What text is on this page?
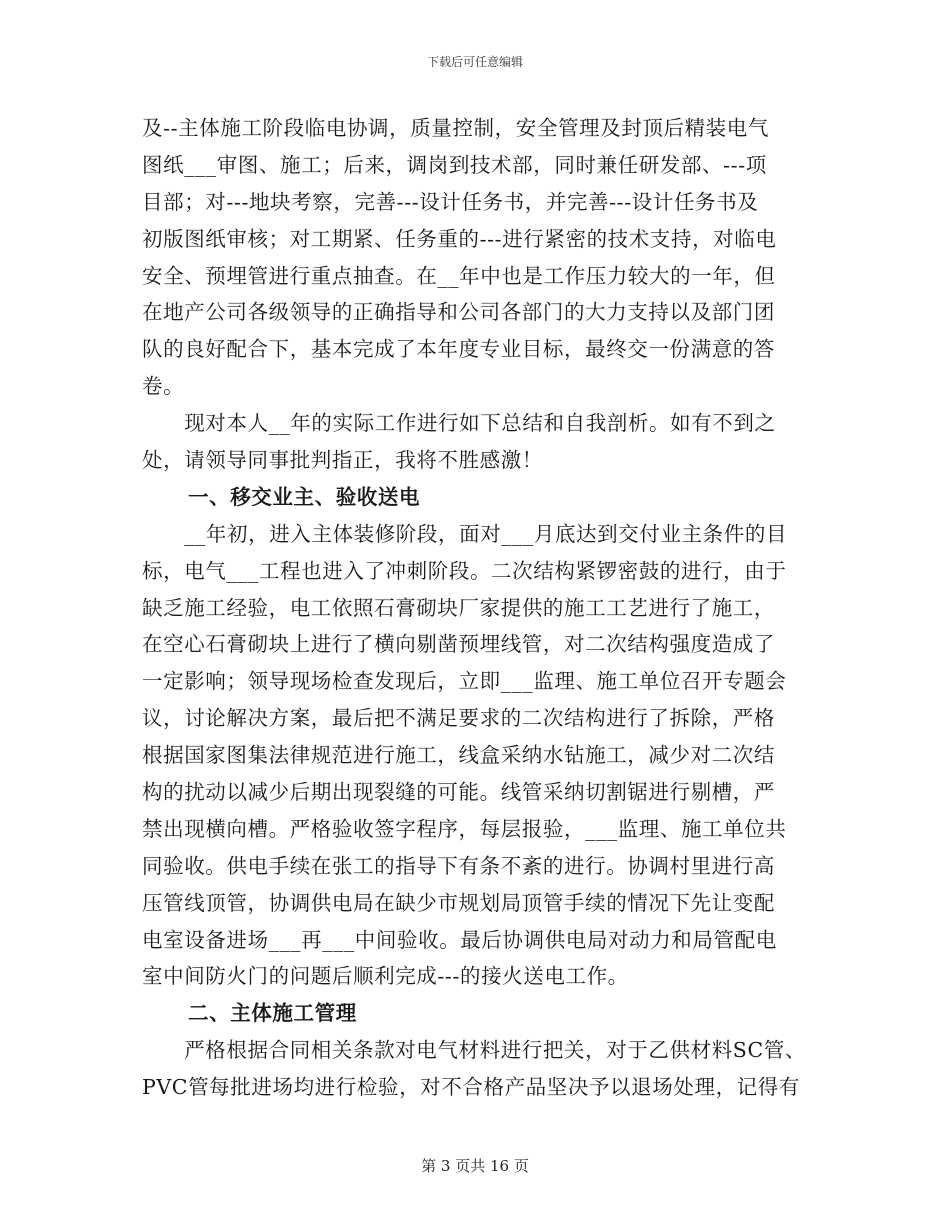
下载后可任意编辑
及--主体施工阶段临电协调，质量控制，安全管理及封顶后精装电气
图纸___审图、施工；后来，调岗到技术部，同时兼任研发部、---项
目部；对---地块考察，完善---设计任务书，并完善---设计任务书及
初版图纸审核；对工期紧、任务重的---进行紧密的技术支持，对临电
安全、预埋管进行重点抽查。在__年中也是工作压力较大的一年，但
在地产公司各级领导的正确指导和公司各部门的大力支持以及部门团
队的良好配合下，基本完成了本年度专业目标，最终交一份满意的答
卷。
　　现对本人__年的实际工作进行如下总结和自我剖析。如有不到之
处，请领导同事批判指正，我将不胜感激！
一、移交业主、验收送电
　　__年初，进入主体装修阶段，面对___月底达到交付业主条件的目
标，电气___工程也进入了冲刺阶段。二次结构紧锣密鼓的进行，由于
缺乏施工经验，电工依照石膏砌块厂家提供的施工工艺进行了施工，
在空心石膏砌块上进行了横向剔凿预埋线管，对二次结构强度造成了
一定影响；领导现场检查发现后，立即___监理、施工单位召开专题会
议，讨论解决方案，最后把不满足要求的二次结构进行了拆除，严格
根据国家图集法律规范进行施工，线盒采纳水钻施工，减少对二次结
构的扰动以减少后期出现裂缝的可能。线管采纳切割锯进行剔槽，严
禁出现横向槽。严格验收签字程序，每层报验，___监理、施工单位共
同验收。供电手续在张工的指导下有条不紊的进行。协调村里进行高
压管线顶管，协调供电局在缺少市规划局顶管手续的情况下先让变配
电室设备进场___再___中间验收。最后协调供电局对动力和局管配电
室中间防火门的问题后顺利完成---的接火送电工作。
二、主体施工管理
　　严格根据合同相关条款对电气材料进行把关，对于乙供材料SC管、
PVC管每批进场均进行检验，对不合格产品坚决予以退场处理，记得有
第 3 页共 16 页
